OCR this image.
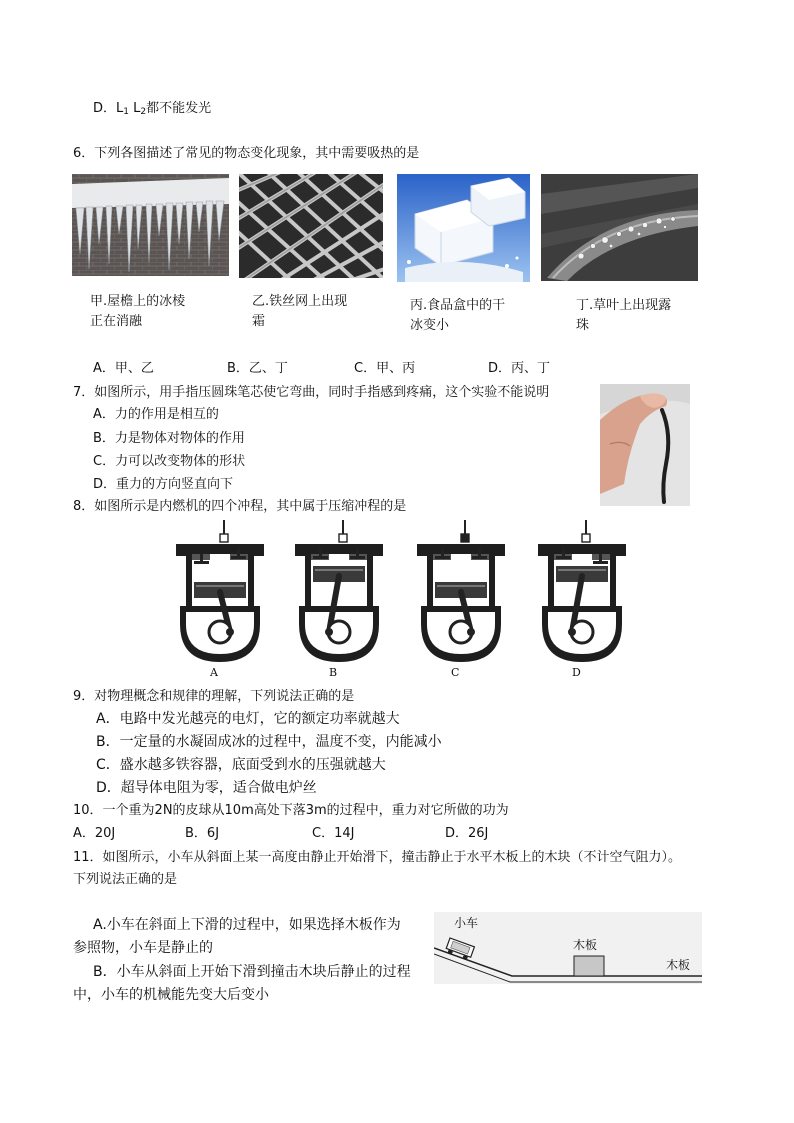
D．$L_1$ $L_2$都不能发光
6．下列各图描述了常见的物态变化现象，其中需要吸热的是
甲.屋檐上的冰棱
正在消融
乙.铁丝网上出现
霜
丙.食品盒中的干
冰变小
丁.草叶上出现露
珠
A．甲、乙	B．乙、丁	C．甲、丙	D．丙、丁
7．如图所示，用手指压圆珠笔芯使它弯曲，同时手指感到疼痛，这个实验不能说明
A．力的作用是相互的
B．力是物体对物体的作用
C．力可以改变物体的形状
D．重力的方向竖直向下
8．如图所示是内燃机的四个冲程，其中属于压缩冲程的是
A	B	C	D
9．对物理概念和规律的理解，下列说法正确的是
A．电路中发光越亮的电灯，它的额定功率就越大
B．一定量的水凝固成冰的过程中，温度不变，内能减小
C．盛水越多铁容器，底面受到水的压强就越大
D．超导体电阻为零，适合做电炉丝
10．一个重为2N的皮球从10m高处下落3m的过程中，重力对它所做的功为
A．20J	B．6J	C．14J	D．26J
11．如图所示，小车从斜面上某一高度由静止开始滑下，撞击静止于水平木板上的木块（不计空气阻力）。
下列说法正确的是
A.小车在斜面上下滑的过程中，如果选择木板作为
参照物，小车是静止的
B．小车从斜面上开始下滑到撞击木块后静止的过程
中，小车的机械能先变大后变小
小车
木板
木板
